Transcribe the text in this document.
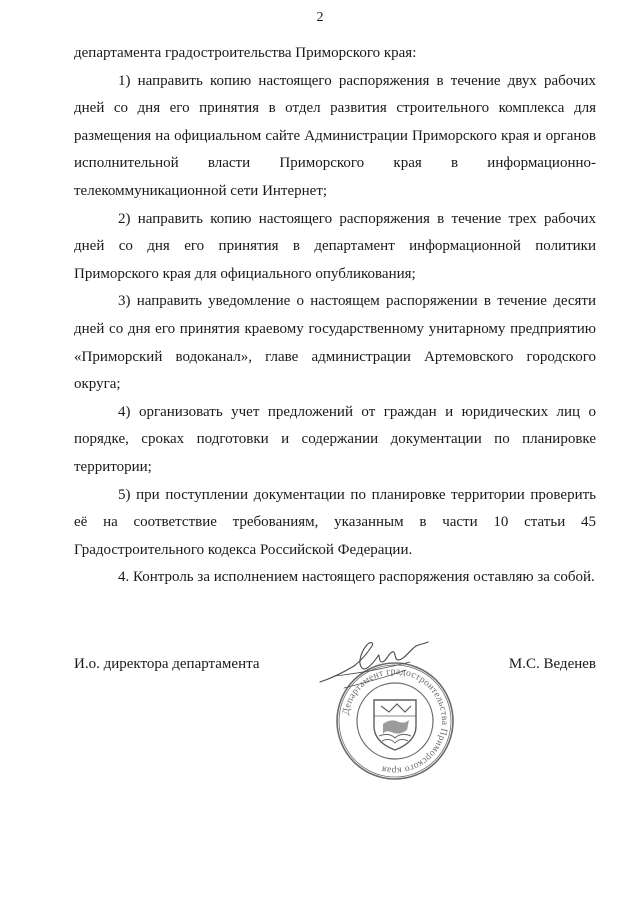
2

департамента градостроительства Приморского края:

1) направить копию настоящего распоряжения в течение двух рабочих дней со дня его принятия в отдел развития строительного комплекса для размещения на официальном сайте Администрации Приморского края и органов исполнительной власти Приморского края в информационно-телекоммуникационной сети Интернет;

2) направить копию настоящего распоряжения в течение трех рабочих дней со дня его принятия в департамент информационной политики Приморского края для официального опубликования;

3) направить уведомление о настоящем распоряжении в течение десяти дней со дня его принятия краевому государственному унитарному предприятию «Приморский водоканал», главе администрации Артемовского городского округа;

4) организовать учет предложений от граждан и юридических лиц о порядке, сроках подготовки и содержании документации по планировке территории;

5) при поступлении документации по планировке территории проверить её на соответствие требованиям, указанным в части 10 статьи 45 Градостроительного кодекса Российской Федерации.

4. Контроль за исполнением настоящего распоряжения оставляю за собой.

И.о. директора департамента	М.С. Веденев
Департамент градостроительства Приморского края
